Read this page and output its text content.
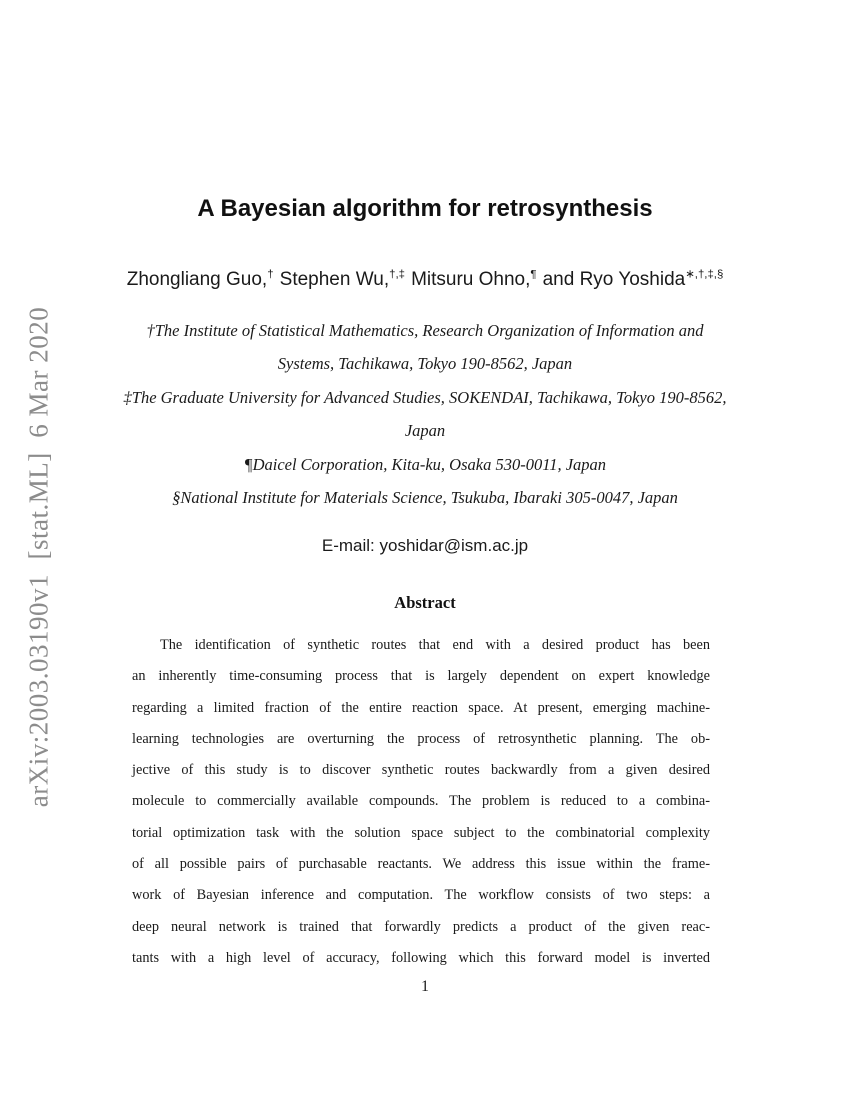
arXiv:2003.03190v1  [stat.ML]  6 Mar 2020
A Bayesian algorithm for retrosynthesis
Zhongliang Guo,† Stephen Wu,†,‡ Mitsuru Ohno,¶ and Ryo Yoshida∗,†,‡,§
†The Institute of Statistical Mathematics, Research Organization of Information and
Systems, Tachikawa, Tokyo 190-8562, Japan
‡The Graduate University for Advanced Studies, SOKENDAI, Tachikawa, Tokyo 190-8562,
Japan
¶Daicel Corporation, Kita-ku, Osaka 530-0011, Japan
§National Institute for Materials Science, Tsukuba, Ibaraki 305-0047, Japan
E-mail: yoshidar@ism.ac.jp
Abstract
The identification of synthetic routes that end with a desired product has been
an inherently time-consuming process that is largely dependent on expert knowledge
regarding a limited fraction of the entire reaction space. At present, emerging machine-
learning technologies are overturning the process of retrosynthetic planning. The ob-
jective of this study is to discover synthetic routes backwardly from a given desired
molecule to commercially available compounds. The problem is reduced to a combina-
torial optimization task with the solution space subject to the combinatorial complexity
of all possible pairs of purchasable reactants. We address this issue within the frame-
work of Bayesian inference and computation. The workflow consists of two steps: a
deep neural network is trained that forwardly predicts a product of the given reac-
tants with a high level of accuracy, following which this forward model is inverted
1
